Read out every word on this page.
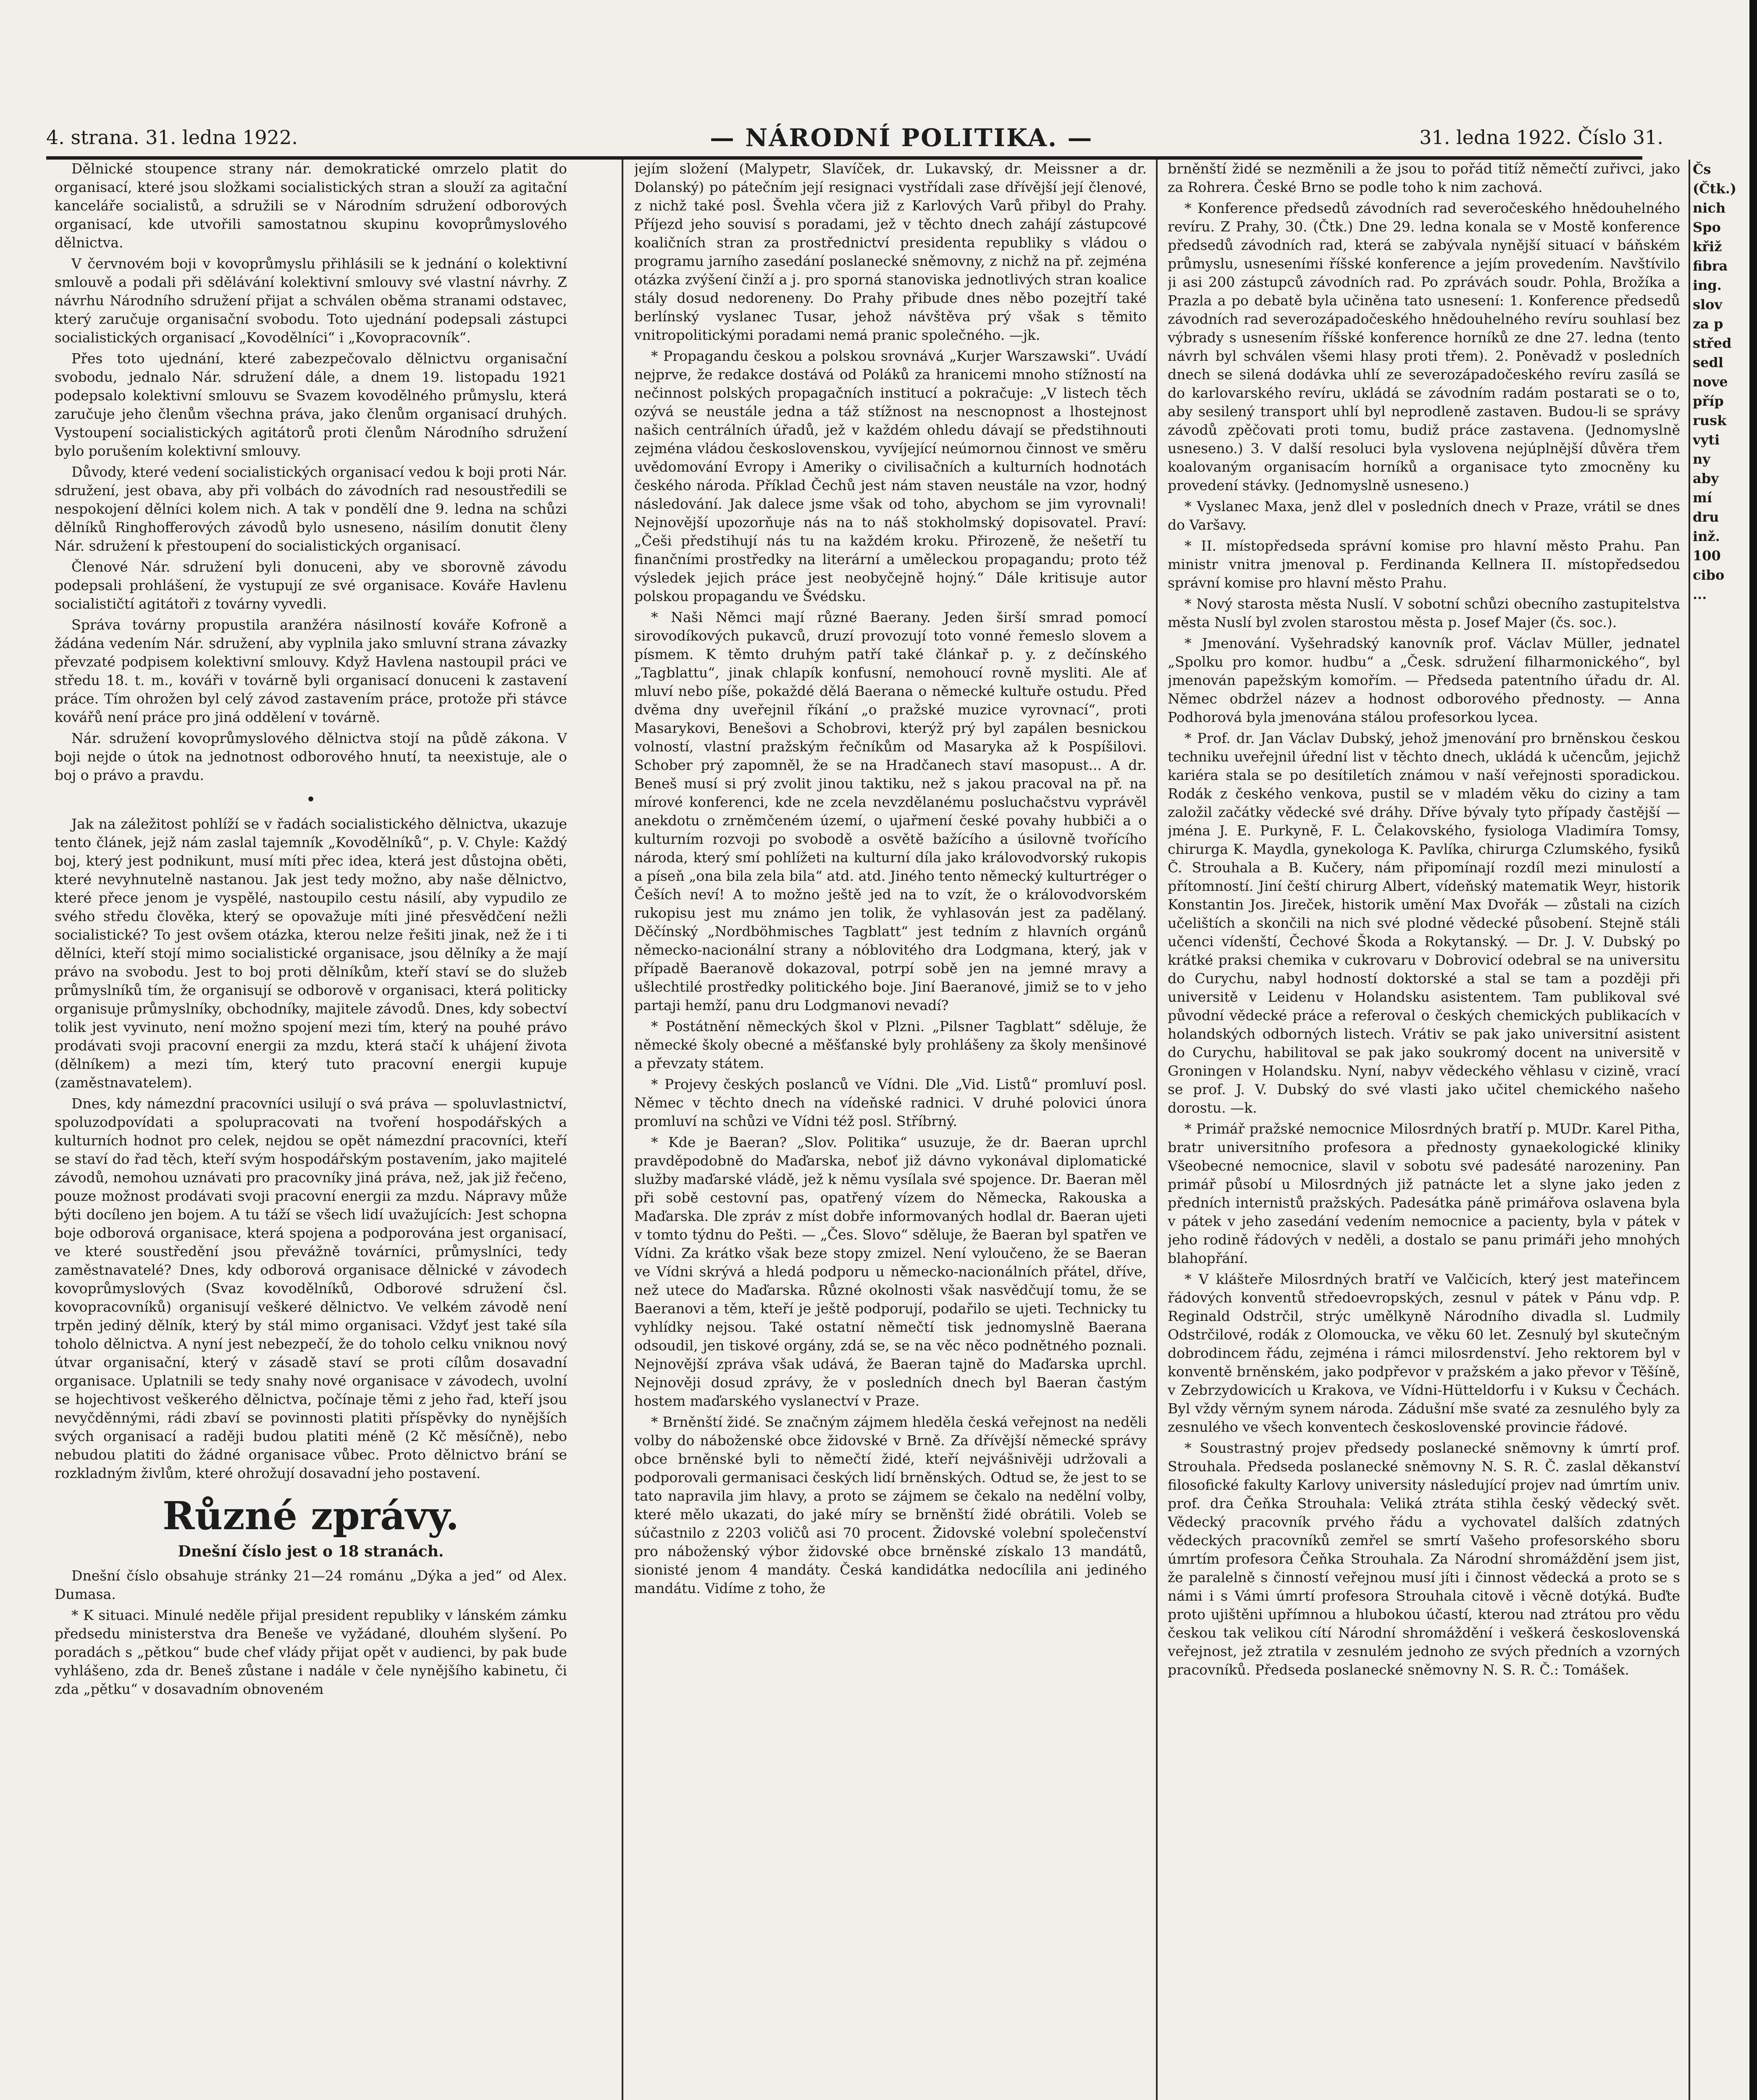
4. strana. 31. ledna 1922.	— NÁRODNÍ POLITIKA. —	31. ledna 1922. Číslo 31.

Dělnické stoupence strany nár. demokratické omrzelo platit do organisací, které jsou složkami socialistických stran a slouží za agitační kanceláře socialistů, a sdružili se v Národním sdružení odborových organisací, kde utvořili samostatnou skupinu kovoprůmyslového dělnictva.

V červnovém boji v kovoprůmyslu přihlásili se k jednání o kolektivní smlouvě a podali při sdělávání kolektivní smlouvy své vlastní návrhy. Z návrhu Národního sdružení přijat a schválen oběma stranami odstavec, který zaručuje organisační svobodu. Toto ujednání podepsali zástupci socialistických organisací „Kovodělníci“ i „Kovopracovník“.

Přes toto ujednání, které zabezpečovalo dělnictvu organisační svobodu, jednalo Nár. sdružení dále, a dnem 19. listopadu 1921 podepsalo kolektivní smlouvu se Svazem kovodělného průmyslu, která zaručuje jeho členům všechna práva, jako členům organisací druhých. Vystoupení socialistických agitátorů proti členům Národního sdružení bylo porušením kolektivní smlouvy.

Důvody, které vedení socialistických organisací vedou k boji proti Nár. sdružení, jest obava, aby při volbách do závodních rad nesoustředili se nespokojení dělníci kolem nich. A tak v pondělí dne 9. ledna na schůzi dělníků Ringhofferových závodů bylo usneseno, násilím donutit členy Nár. sdružení k přestoupení do socialistických organisací.

Členové Nár. sdružení byli donuceni, aby ve sborovně závodu podepsali prohlášení, že vystupují ze své organisace. Kováře Havlenu socialističtí agitátoři z továrny vyvedli.

Správa továrny propustila aranžéra násilností kováře Kofroně a žádána vedením Nár. sdružení, aby vyplnila jako smluvní strana závazky převzaté podpisem kolektivní smlouvy. Když Havlena nastoupil práci ve středu 18. t. m., kováři v továrně byli organisací donuceni k zastavení práce. Tím ohrožen byl celý závod zastavením práce, protože při stávce kovářů není práce pro jiná oddělení v továrně.

Nár. sdružení kovoprůmyslového dělnictva stojí na půdě zákona. V boji nejde o útok na jednotnost odborového hnutí, ta neexistuje, ale o boj o právo a pravdu.

•

Jak na záležitost pohlíží se v řadách socialistického dělnictva, ukazuje tento článek, jejž nám zaslal tajemník „Kovodělníků“, p. V. Chyle: Každý boj, který jest podnikunt, musí míti přec idea, která jest důstojna oběti, které nevyhnutelně nastanou. Jak jest tedy možno, aby naše dělnictvo, které přece jenom je vyspělé, nastoupilo cestu násilí, aby vypudilo ze svého středu člověka, který se opovažuje míti jiné přesvědčení nežli socialistické? To jest ovšem otázka, kterou nelze řešiti jinak, než že i ti dělníci, kteří stojí mimo socialistické organisace, jsou dělníky a že mají právo na svobodu. Jest to boj proti dělníkům, kteří staví se do služeb průmyslníků tím, že organisují se odborově v organisaci, která politicky organisuje průmyslníky, obchodníky, majitele závodů. Dnes, kdy sobectví tolik jest vyvinuto, není možno spojení mezi tím, který na pouhé právo prodávati svoji pracovní energii za mzdu, která stačí k uhájení života (dělníkem) a mezi tím, který tuto pracovní energii kupuje (zaměstnavatelem).

Dnes, kdy námezdní pracovníci usilují o svá práva — spoluvlastnictví, spoluzodpovídati a spolupracovati na tvoření hospodářských a kulturních hodnot pro celek, nejdou se opět námezdní pracovníci, kteří se staví do řad těch, kteří svým hospodářským postavením, jako majitelé závodů, nemohou uznávati pro pracovníky jiná práva, než, jak již řečeno, pouze možnost prodávati svoji pracovní energii za mzdu. Nápravy může býti docíleno jen bojem. A tu táží se všech lidí uvažujících: Jest schopna boje odborová organisace, která spojena a podporována jest organisací, ve které soustředění jsou převážně továrníci, průmyslníci, tedy zaměstnavatelé? Dnes, kdy odborová organisace dělnické v závodech kovoprůmyslových (Svaz kovodělníků, Odborové sdružení čsl. kovopracovníků) organisují veškeré dělnictvo. Ve velkém závodě není trpěn jediný dělník, který by stál mimo organisaci. Vždyť jest také síla toholo dělnictva. A nyní jest nebezpečí, že do toholo celku vniknou nový útvar organisační, který v zásadě staví se proti cílům dosavadní organisace. Uplatnili se tedy snahy nové organisace v závodech, uvolní se hojechtivost veškerého dělnictva, počínaje těmi z jeho řad, kteří jsou nevyčděnnými, rádi zbaví se povinnosti platiti příspěvky do nynějších svých organisací a raději budou platiti méně (2 Kč měsíčně), nebo nebudou platiti do žádné organisace vůbec. Proto dělnictvo brání se rozkladným živlům, které ohrožují dosavadní jeho postavení.

Různé zprávy.
Dnešní číslo jest o 18 stranách.

Dnešní číslo obsahuje stránky 21—24 románu „Dýka a jed“ od Alex. Dumasa.

* K situaci. Minulé neděle přijal president republiky v lánském zámku předsedu ministerstva dra Beneše ve vyžádané, dlouhém slyšení. Po poradách s „pětkou“ bude chef vlády přijat opět v audienci, by pak bude vyhlášeno, zda dr. Beneš zůstane i nadále v čele nynějšího kabinetu, či zda „pětku“ v dosavadním obnoveném

jejím složení (Malypetr, Slavíček, dr. Lukavský, dr. Meissner a dr. Dolanský) po pátečním její resignaci vystřídali zase dřívější její členové, z nichž také posl. Švehla včera již z Karlových Varů přibyl do Prahy. Příjezd jeho souvisí s poradami, jež v těchto dnech zahájí zástupcové koaličních stran za prostřednictví presidenta republiky s vládou o programu jarního zasedání poslanecké sněmovny, z nichž na př. zejména otázka zvýšení činží a j. pro sporná stanoviska jednotlivých stran koalice stály dosud nedoreneny. Do Prahy přibude dnes něbo pozejtří také berlínský vyslanec Tusar, jehož návštěva prý však s těmito vnitropolitickými poradami nemá pranic společného. —jk.

* Propagandu českou a polskou srovnává „Kurjer Warszawski“. Uvádí nejprve, že redakce dostává od Poláků za hranicemi mnoho stížností na nečinnost polských propagačních institucí a pokračuje: „V listech těch ozývá se neustále jedna a táž stížnost na nescnopnost a lhostejnost našich centrálních úřadů, jež v každém ohledu dávají se předstihnouti zejména vládou československou, vyvíjející neúmornou činnost ve směru uvědomování Evropy i Ameriky o civilisačních a kulturních hodnotách českého národa. Příklad Čechů jest nám staven neustále na vzor, hodný následování. Jak dalece jsme však od toho, abychom se jim vyrovnali! Nejnovější upozorňuje nás na to náš stokholmský dopisovatel. Praví: „Češi předstihují nás tu na každém kroku. Přirozeně, že nešetří tu finančními prostředky na literární a uměleckou propagandu; proto též výsledek jejich práce jest neobyčejně hojný.“ Dále kritisuje autor polskou propagandu ve Švédsku.

* Naši Němci mají různé Baerany. Jeden širší smrad pomocí sirovodíkových pukavců, druzí provozují toto vonné řemeslo slovem a písmem. K těmto druhým patří také článkař p. y. z dečínského „Tagblattu“, jinak chlapík konfusní, nemohoucí rovně mysliti. Ale ať mluví nebo píše, pokaždé dělá Baerana o německé kultuře ostudu. Před dvěma dny uveřejnil říkání „o pražské muzice vyrovnací“, proti Masarykovi, Benešovi a Schobrovi, kterýž prý byl zapálen besnickou volností, vlastní pražským řečníkům od Masaryka až k Pospíšilovi. Schober prý zapomněl, že se na Hradčanech staví masopust... A dr. Beneš musí si prý zvolit jinou taktiku, než s jakou pracoval na př. na mírové konferenci, kde ne zcela nevzdělanému posluchačstvu vyprávěl anekdotu o zrněmčeném území, o ujařmení české povahy hubbiči a o kulturním rozvoji po svobodě a osvětě bažícího a úsilovně tvořícího národa, který smí pohlížeti na kulturní díla jako královodvorský rukopis a píseň „ona bila zela bila“ atd. atd. Jiného tento německý kulturtréger o Češích neví! A to možno ještě jed na to vzít, že o královodvorském rukopisu jest mu známo jen tolik, že vyhlasován jest za padělaný. Děčínský „Nordböhmisches Tagblatt“ jest tedním z hlavních orgánů německo-nacionální strany a nóblovitého dra Lodgmana, který, jak v případě Baeranově dokazoval, potrpí sobě jen na jemné mravy a ušlechtilé prostředky politického boje. Jiní Baeranové, jimiž se to v jeho partaji hemží, panu dru Lodgmanovi nevadí?

* Postátnění německých škol v Plzni. „Pilsner Tagblatt“ sděluje, že německé školy obecné a měšťanské byly prohlášeny za školy menšinové a převzaty státem.

* Projevy českých poslanců ve Vídni. Dle „Vid. Listů“ promluví posl. Němec v těchto dnech na vídeňské radnici. V druhé polovici února promluví na schůzi ve Vídni též posl. Stříbrný.

* Kde je Baeran? „Slov. Politika“ usuzuje, že dr. Baeran uprchl pravděpodobně do Maďarska, neboť již dávno vykonával diplomatické služby maďarské vládě, jež k němu vysílala své spojence. Dr. Baeran měl při sobě cestovní pas, opatřený vízem do Německa, Rakouska a Maďarska. Dle zpráv z míst dobře informovaných hodlal dr. Baeran ujeti v tomto týdnu do Pešti. — „Čes. Slovo“ sděluje, že Baeran byl spatřen ve Vídni. Za krátko však beze stopy zmizel. Není vyloučeno, že se Baeran ve Vídni skrývá a hledá podporu u německo-nacionálních přátel, dříve, než utece do Maďarska. Různé okolnosti však nasvědčují tomu, že se Baeranovi a těm, kteří je ještě podporují, podařilo se ujeti. Technicky tu vyhlídky nejsou. Také ostatní němečtí tisk jednomyslně Baerana odsoudil, jen tiskové orgány, zdá se, se na věc něco podnětného poznali. Nejnovější zpráva však udává, že Baeran tajně do Maďarska uprchl. Nejnověji dosud zprávy, že v posledních dnech byl Baeran častým hostem maďarského vyslanectví v Praze.

* Brněnští židé. Se značným zájmem hleděla česká veřejnost na neděli volby do náboženské obce židovské v Brně. Za dřívější německé správy obce brněnské byli to němečtí židé, kteří nejvášnivěji udržovali a podporovali germanisaci českých lidí brněnských. Odtud se, že jest to se tato napravila jim hlavy, a proto se zájmem se čekalo na nedělní volby, které mělo ukazati, do jaké míry se brněnští židé obrátili. Voleb se súčastnilo z 2203 voličů asi 70 procent. Židovské volební společenství pro náboženský výbor židovské obce brněnské získalo 13 mandátů, sionisté jenom 4 mandáty. Česká kandidátka nedocílila ani jediného mandátu. Vidíme z toho, že

brněnští židé se nezměnili a že jsou to pořád titíž němečtí zuřivci, jako za Rohrera. České Brno se podle toho k nim zachová.

* Konference předsedů závodních rad severočeského hnědouhelného revíru. Z Prahy, 30. (Čtk.) Dne 29. ledna konala se v Mostě konference předsedů závodních rad, která se zabývala nynější situací v báňském průmyslu, usneseními říšské konference a jejím provedením. Navštívilo ji asi 200 zástupců závodních rad. Po zprávách soudr. Pohla, Brožíka a Prazla a po debatě byla učiněna tato usnesení: 1. Konference předsedů závodních rad severozápadočeského hnědouhelného revíru souhlasí bez výbrady s usnesením říšské konference horníků ze dne 27. ledna (tento návrh byl schválen všemi hlasy proti třem). 2. Poněvadž v posledních dnech se silená dodávka uhlí ze severozápadočeského revíru zasílá se do karlovarského revíru, ukládá se závodním radám postarati se o to, aby sesilený transport uhlí byl neprodleně zastaven. Budou-li se správy závodů zpěčovati proti tomu, budiž práce zastavena. (Jednomyslně usneseno.) 3. V další resoluci byla vyslovena nejúplnější důvěra třem koalovaným organisacím horníků a organisace tyto zmocněny ku provedení stávky. (Jednomyslně usneseno.)

* Vyslanec Maxa, jenž dlel v posledních dnech v Praze, vrátil se dnes do Varšavy.

* II. místopředseda správní komise pro hlavní město Prahu. Pan ministr vnitra jmenoval p. Ferdinanda Kellnera II. místopředsedou správní komise pro hlavní město Prahu.

* Nový starosta města Nuslí. V sobotní schůzi obecního zastupitelstva města Nuslí byl zvolen starostou města p. Josef Majer (čs. soc.).

* Jmenování. Vyšehradský kanovník prof. Václav Müller, jednatel „Spolku pro komor. hudbu“ a „Česk. sdružení filharmonického“, byl jmenován papežským komořím. — Předseda patentního úřadu dr. Al. Němec obdržel název a hodnost odborového přednosty. — Anna Podhorová byla jmenována stálou profesorkou lycea.

* Prof. dr. Jan Václav Dubský, jehož jmenování pro brněnskou českou techniku uveřejnil úřední list v těchto dnech, ukládá k učencům, jejichž kariéra stala se po desítiletích známou v naší veřejnosti sporadickou. Rodák z českého venkova, pustil se v mladém věku do ciziny a tam založil začátky vědecké své dráhy. Dříve bývaly tyto případy častější — jména J. E. Purkyně, F. L. Čelakovského, fysiologa Vladimíra Tomsy, chirurga K. Maydla, gynekologa K. Pavlíka, chirurga Czlumského, fysiků Č. Strouhala a B. Kučery, nám připomínají rozdíl mezi minulostí a přítomností. Jiní čeští chirurg Albert, vídeňský matematik Weyr, historik Konstantin Jos. Jireček, historik umění Max Dvořák — zůstali na cizích učelištích a skončili na nich své plodné vědecké působení. Stejně stáli učenci vídenští, Čechové Škoda a Rokytanský. — Dr. J. V. Dubský po krátké praksi chemika v cukrovaru v Dobrovicí odebral se na universitu do Curychu, nabyl hodností doktorské a stal se tam a později při universitě v Leidenu v Holandsku asistentem. Tam publikoval své původní vědecké práce a referoval o českých chemických publikacích v holandských odborných listech. Vrátiv se pak jako universitní asistent do Curychu, habilitoval se pak jako soukromý docent na universitě v Groningen v Holandsku. Nyní, nabyv vědeckého věhlasu v cizině, vrací se prof. J. V. Dubský do své vlasti jako učitel chemického našeho dorostu. —k.

* Primář pražské nemocnice Milosrdných bratří p. MUDr. Karel Pitha, bratr universitního profesora a přednosty gynaekologické kliniky Všeobecné nemocnice, slavil v sobotu své padesáté narozeniny. Pan primář působí u Milosrdných již patnácte let a slyne jako jeden z předních internistů pražských. Padesátka páně primářova oslavena byla v pátek v jeho zasedání vedením nemocnice a pacienty, byla v pátek v jeho rodině řádových v neděli, a dostalo se panu primáři jeho mnohých blahopřání.

* V klášteře Milosrdných bratří ve Valčicích, který jest mateřincem řádových konventů středoevropských, zesnul v pátek v Pánu vdp. P. Reginald Odstrčil, strýc umělkyně Národního divadla sl. Ludmily Odstrčilové, rodák z Olomoucka, ve věku 60 let. Zesnulý byl skutečným dobrodincem řádu, zejména i rámci milosrdenství. Jeho rektorem byl v konventě brněnském, jako podpřevor v pražském a jako převor v Těšíně, v Zebrzydowicích u Krakova, ve Vídni-Hütteldorfu i v Kuksu v Čechách. Byl vždy věrným synem národa. Zádušní mše svaté za zesnulého byly za zesnulého ve všech konventech československé provincie řádové.

* Soustrastný projev předsedy poslanecké sněmovny k úmrtí prof. Strouhala. Předseda poslanecké sněmovny N. S. R. Č. zaslal děkanství filosofické fakulty Karlovy university následující projev nad úmrtím univ. prof. dra Čeňka Strouhala: Veliká ztráta stihla český vědecký svět. Vědecký pracovník prvého řádu a vychovatel dalších zdatných vědeckých pracovníků zemřel se smrtí Vašeho profesorského sboru úmrtím profesora Čeňka Strouhala. Za Národní shromáždění jsem jist, že paralelně s činností veřejnou musí jíti i činnost vědecká a proto se s námi i s Vámi úmrtí profesora Strouhala citově i věcně dotýká. Buďte proto ujištěni upřímnou a hlubokou účastí, kterou nad ztrátou pro vědu českou tak velikou cítí Národní shromáždění i veškerá československá veřejnost, jež ztratila v zesnulém jednoho ze svých předních a vzorných pracovníků. Předseda poslanecké sněmovny N. S. R. Č.: Tomášek.

Čs
(Čtk.)
nich
Spo
křiž
fibra
ing.
slov
za p
střed
sedl
nove
příp
rusk
vyti
ny
aby
mí
dru
inž.
100
cibo
...
